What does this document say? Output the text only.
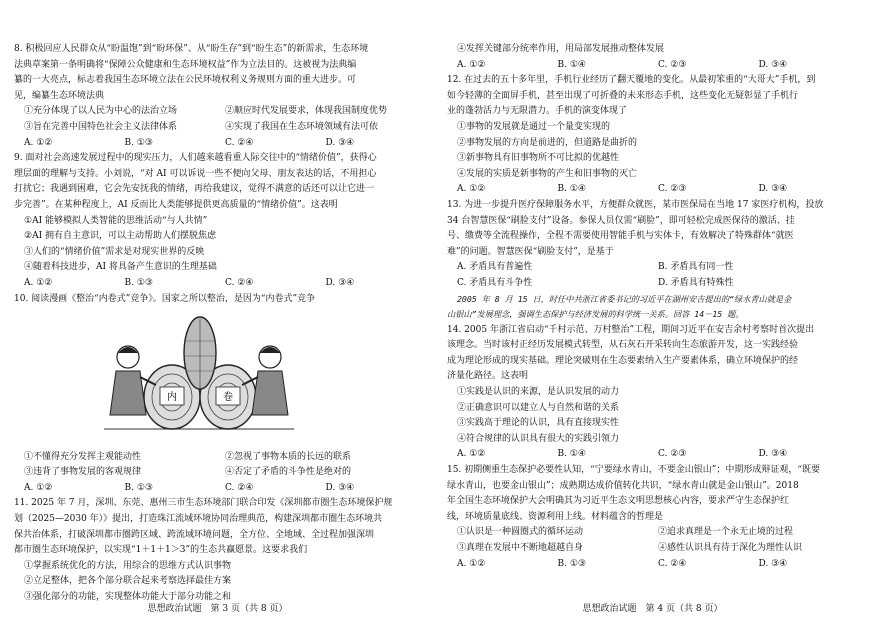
8. 积极回应人民群众从“盼温饱”到“盼环保”、从“盼生存”到“盼生态”的新需求，生态环境

法典草案第一条明确将“保障公众健康和生态环境权益”作为立法目的。这被视为法典编

纂的一大亮点，标志着我国生态环境立法在公民环境权利义务规则方面的重大进步。可

见，编纂生态环境法典

①充分体现了以人民为中心的法治立场	②顺应时代发展要求，体现我国制度优势
③旨在完善中国特色社会主义法律体系	④实现了我国在生态环境领域有法可依
A. ①②	B. ①③	C. ②④	D. ③④

9. 面对社会高速发展过程中的现实压力，人们越来越看重人际交往中的“情绪价值”，获得心

理层面的理解与支持。小刘说，“对 AI 可以诉说一些不便向父母、朋友表达的话，不用担心

打扰它；我遇到困难，它会先安抚我的情绪，再给我建议，觉得不满意的话还可以让它进一

步完善”。在某种程度上，AI 反而比人类能够提供更高质量的“情绪价值”。这表明

①AI 能够模拟人类智能的思维活动“与人共情”

②AI 拥有自主意识，可以主动帮助人们摆脱焦虑

③人们的“情绪价值”需求是对现实世界的反映

④随着科技进步，AI 将具备产生意识的生理基础

A. ①②	B. ①③	C. ②④	D. ③④

10. 阅读漫画《整治“内卷式”竞争》。国家之所以整治，是因为“内卷式”竞争

内	卷
①不懂得充分发挥主观能动性	②忽视了事物本质的长远的联系
③违背了事物发展的客观规律	④否定了矛盾的斗争性是绝对的
A. ①②	B. ①③	C. ②④	D. ③④

11. 2025 年 7 月，深圳、东莞、惠州三市生态环境部门联合印发《深圳都市圈生态环境保护规

划（2025—2030 年）》提出，打造珠江流域环境协同治理典范，构建深圳都市圈生态环境共

保共治体系，打破深圳都市圈跨区域、跨流域环境问题，全方位、全地域、全过程加强深圳

都市圈生态环境保护，以实现“1＋1＋1＞3”的生态共赢愿景。这要求我们

①掌握系统优化的方法，用综合的思维方式认识事物

②立足整体，把各个部分联合起来考察选择最佳方案

③强化部分的功能，实现整体功能大于部分功能之和

思想政治试题　第 3 页（共 8 页）

④发挥关键部分统率作用，用局部发展推动整体发展

A. ①②	B. ①④	C. ②③	D. ③④

12. 在过去的五十多年里，手机行业经历了翻天覆地的变化。从最初笨重的“大哥大”手机，到

如今轻薄的全面屏手机，甚至出现了可折叠的未来形态手机，这些变化无疑彰显了手机行

业的蓬勃活力与无限潜力。手机的演变体现了

①事物的发展就是通过一个量变实现的

②事物发展的方向是前进的，但道路是曲折的

③新事物具有旧事物所不可比拟的优越性

④发展的实质是新事物的产生和旧事物的灭亡

A. ①②	B. ①④	C. ②③	D. ③④

13. 为进一步提升医疗保障服务水平，方便群众就医，某市医保局在当地 17 家医疗机构，投放

34 台智慧医保“刷脸支付”设备。参保人员仅需“刷脸”，即可轻松完成医保待的激活、挂

号、缴费等全流程操作，全程不需要使用智能手机与实体卡，有效解决了特殊群体“就医

难”的问题。智慧医保“刷脸支付”，是基于

A. 矛盾具有普遍性	B. 矛盾具有同一性
C. 矛盾具有斗争性	D. 矛盾具有特殊性

2005 年 8 月 15 日，时任中共浙江省委书记的习近平在湖州安吉提出的“绿水青山就是金

山银山”发展理念，强调生态保护与经济发展的科学统一关系。回答 14－15 题。

14. 2005 年浙江省启动“千村示范、万村整治”工程，期间习近平在安吉余村考察时首次提出

该理念。当时该村正经历发展模式转型，从石灰石开采转向生态旅游开发，这一实践经验

成为理论形成的现实基础。理论突破则在生态要素纳入生产要素体系，确立环境保护的经

济量化路径。这表明

①实践是认识的来源，是认识发展的动力

②正确意识可以建立人与自然和谐的关系

③实践高于理论的认识，具有直接现实性

④符合规律的认识具有很大的实践引领力

A. ①②	B. ①④	C. ②③	D. ③④

15. 初期侧重生态保护必要性认知，“宁要绿水青山，不要金山银山”；中期形成辩证观，“既要

绿水青山，也要金山银山”；成熟期达成价值转化共识，“绿水青山就是金山银山”。2018

年全国生态环境保护大会明确其为习近平生态文明思想核心内容，要求严守生态保护红

线，环境质量底线、资源利用上线。材料蕴含的哲理是

①认识是一种圆圈式的循环运动	②追求真理是一个永无止境的过程
③真理在发展中不断地超越自身	④感性认识具有待于深化为理性认识
A. ①②	B. ①③	C. ②④	D. ③④
思想政治试题　第 4 页（共 8 页）
